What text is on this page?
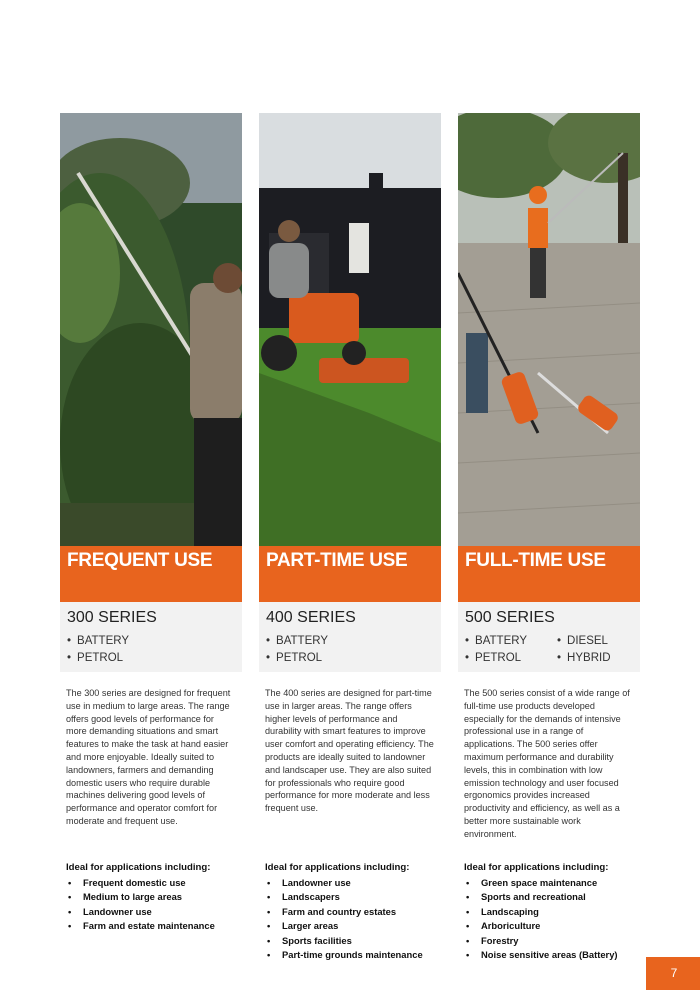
FREQUENT USE
300 SERIES
• BATTERY
• PETROL
The 300 series are designed for frequent use in medium to large areas. The range offers good levels of performance for more demanding situations and smart features to make the task at hand easier and more enjoyable. Ideally suited to landowners, farmers and demanding domestic users who require durable machines delivering good levels of performance and operator comfort for moderate and frequent use.
PART-TIME USE
400 SERIES
• BATTERY
• PETROL
The 400 series are designed for part-time use in larger areas. The range offers higher levels of performance and durability with smart features to improve user comfort and operating efficiency. The products are ideally suited to landowner and landscaper use. They are also suited for professionals who require good performance for more moderate and less frequent use.
FULL-TIME USE
500 SERIES
• BATTERY
• PETROL
• DIESEL
• HYBRID
The 500 series consist of a wide range of full-time use products developed especially for the demands of intensive professional use in a range of applications. The 500 series offer maximum performance and durability levels, this in combination with low emission technology and user focused ergonomics provides increased productivity and efficiency, as well as a better more sustainable work environment.
Ideal for applications including:
• Frequent domestic use
• Medium to large areas
• Landowner use
• Farm and estate maintenance
Ideal for applications including:
• Landowner use
• Landscapers
• Farm and country estates
• Larger areas
• Sports facilities
• Part-time grounds maintenance
Ideal for applications including:
• Green space maintenance
• Sports and recreational
• Landscaping
• Arboriculture
• Forestry
• Noise sensitive areas (Battery)
7
